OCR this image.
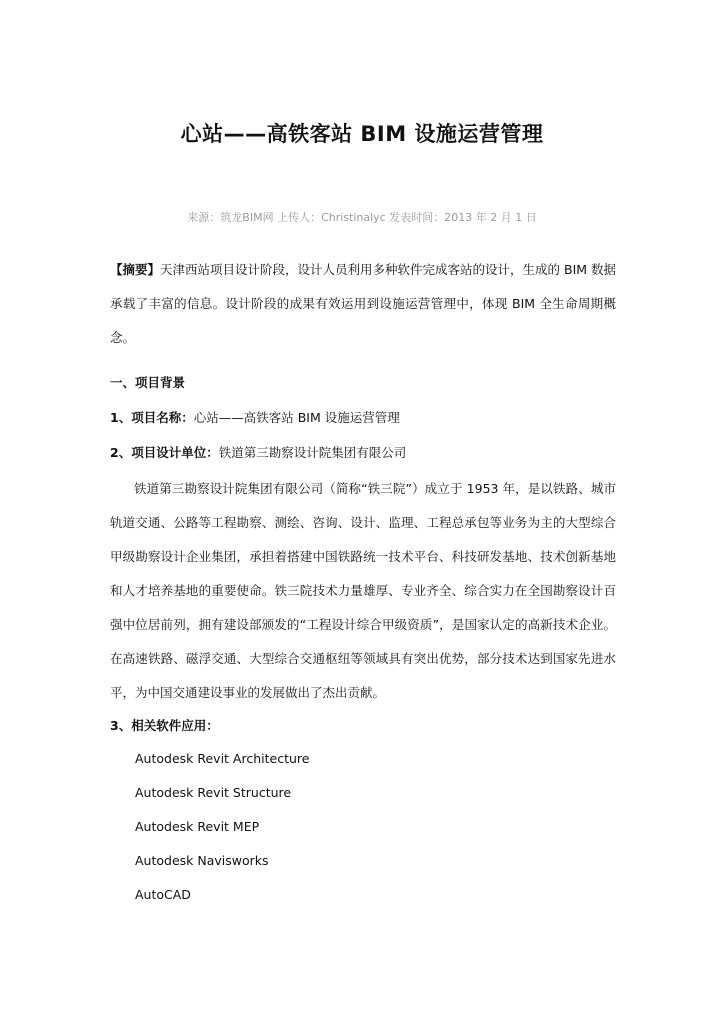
心站——高铁客站 BIM 设施运营管理
来源：筑龙BIM网 上传人：Christinalyc 发表时间：2013 年 2 月 1 日
【摘要】天津西站项目设计阶段，设计人员利用多种软件完成客站的设计，生成的 BIM 数据承载了丰富的信息。设计阶段的成果有效运用到设施运营管理中，体现 BIM 全生命周期概念。
一、项目背景
1、项目名称：心站——高铁客站 BIM 设施运营管理
2、项目设计单位：铁道第三勘察设计院集团有限公司
铁道第三勘察设计院集团有限公司（简称“铁三院”）成立于 1953 年，是以铁路、城市轨道交通、公路等工程勘察、测绘、咨询、设计、监理、工程总承包等业务为主的大型综合甲级勘察设计企业集团，承担着搭建中国铁路统一技术平台、科技研发基地、技术创新基地和人才培养基地的重要使命。铁三院技术力量雄厚、专业齐全、综合实力在全国勘察设计百强中位居前列，拥有建设部颁发的“工程设计综合甲级资质”，是国家认定的高新技术企业。在高速铁路、磁浮交通、大型综合交通枢纽等领域具有突出优势，部分技术达到国家先进水平，为中国交通建设事业的发展做出了杰出贡献。
3、相关软件应用：
Autodesk Revit Architecture
Autodesk Revit Structure
Autodesk Revit MEP
Autodesk Navisworks
AutoCAD
